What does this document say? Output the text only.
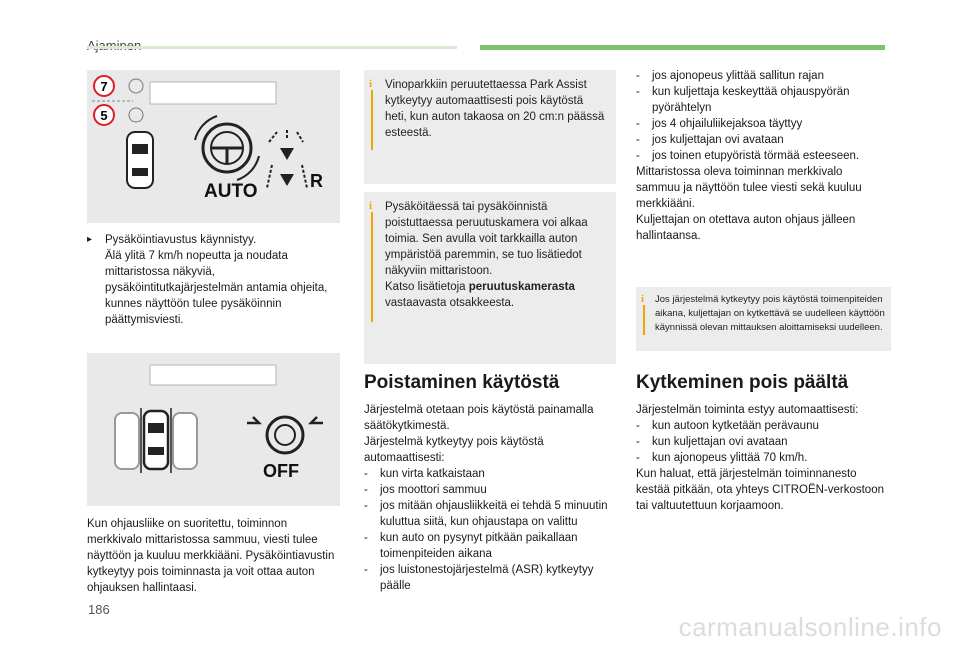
7
5
AUTO	R
▸ Pysäköintiavustus käynnistyy.
Älä ylitä 7 km/h nopeutta ja noudata mittaristossa näkyviä, pysäköintitutkajärjestelmän antamia ohjeita, kunnes näyttöön tulee pysäköinnin päättymisviesti.
OFF
Kun ohjausliike on suoritettu, toiminnon merkkivalo mittaristossa sammuu, viesti tulee näyttöön ja kuuluu merkkiääni. Pysäköintiavustin kytkeytyy pois toiminnasta ja voit ottaa auton ohjauksen hallintaasi.
i Vinoparkkiin peruutettaessa Park Assist kytkeytyy automaattisesti pois käytöstä heti, kun auton takaosa on 20 cm:n päässä esteestä.
i Pysäköitäessä tai pysäköinnistä poistuttaessa peruutuskamera voi alkaa toimia. Sen avulla voit tarkkailla auton ympäristöä paremmin, se tuo lisätiedot näkyviin mittaristoon.
Katso lisätietoja peruutuskamerasta vastaavasta otsakkeesta.
Poistaminen käytöstä
Järjestelmä otetaan pois käytöstä painamalla säätökytkimestä.
Järjestelmä kytkeytyy pois käytöstä automaattisesti:
- kun virta katkaistaan
- jos moottori sammuu
- jos mitään ohjausliikkeitä ei tehdä 5 minuutin kuluttua siitä, kun ohjaustapa on valittu
- kun auto on pysynyt pitkään paikallaan toimenpiteiden aikana
- jos luistonestojärjestelmä (ASR) kytkeytyy päälle
- jos ajonopeus ylittää sallitun rajan
- kun kuljettaja keskeyttää ohjauspyörän pyörähtelyn
- jos 4 ohjailuliikejaksoa täyttyy
- jos kuljettajan ovi avataan
- jos toinen etupyöristä törmää esteeseen.
Mittaristossa oleva toiminnan merkkivalo sammuu ja näyttöön tulee viesti sekä kuuluu merkkiääni.
Kuljettajan on otettava auton ohjaus jälleen hallintaansa.
i Jos järjestelmä kytkeytyy pois käytöstä toimenpiteiden aikana, kuljettajan on kytkettävä se uudelleen käyttöön käynnissä olevan mittauksen aloittamiseksi uudelleen.
Kytkeminen pois päältä
Järjestelmän toiminta estyy automaattisesti:
- kun autoon kytketään perävaunu
- kun kuljettajan ovi avataan
- kun ajonopeus ylittää 70 km/h.
Kun haluat, että järjestelmän toiminnanesto kestää pitkään, ota yhteys CITROËN-verkostoon tai valtuutettuun korjaamoon.
186
carmanualsonline.info
